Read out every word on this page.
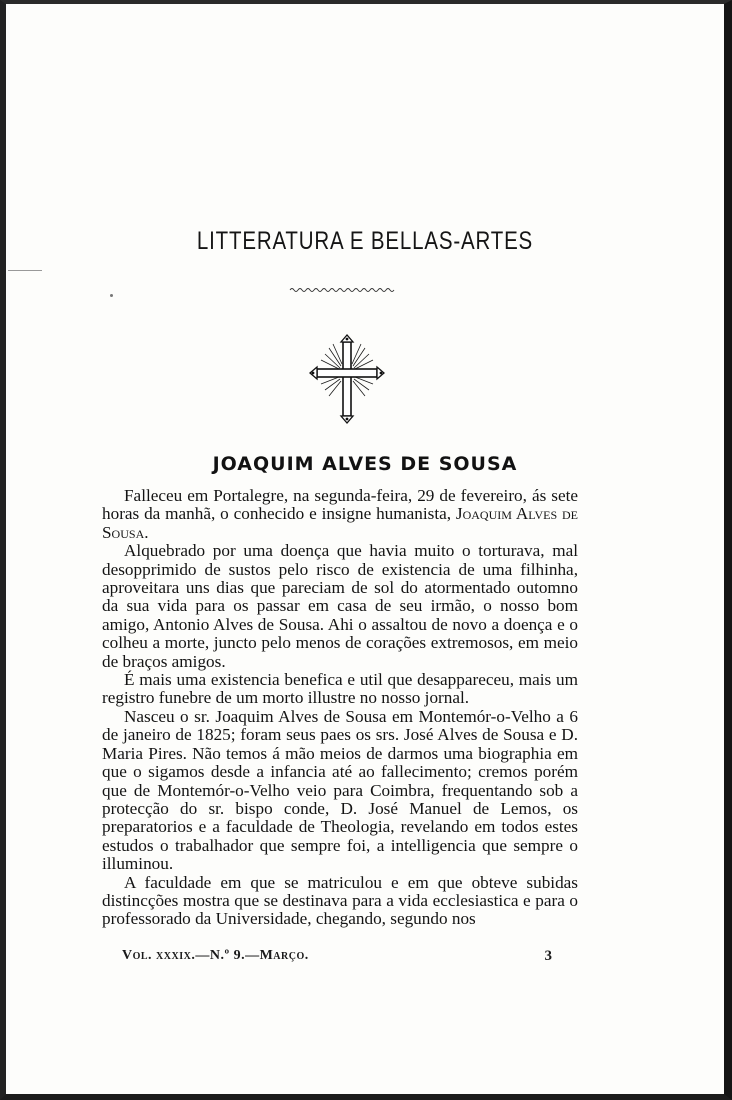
LITTERATURA E BELLAS-ARTES
JOAQUIM ALVES DE SOUSA

Falleceu em Portalegre, na segunda-feira, 29 de fevereiro, ás sete horas da manhã, o conhecido e insigne humanista, Joaquim Alves de Sousa.

Alquebrado por uma doença que havia muito o torturava, mal desopprimido de sustos pelo risco de existencia de uma filhinha, aproveitara uns dias que pareciam de sol do atormentado outomno da sua vida para os passar em casa de seu irmão, o nosso bom amigo, Antonio Alves de Sousa. Ahi o assaltou de novo a doença e o colheu a morte, juncto pelo menos de corações extremosos, em meio de braços amigos.

É mais uma existencia benefica e util que desappareceu, mais um registro funebre de um morto illustre no nosso jornal.

Nasceu o sr. Joaquim Alves de Sousa em Montemór-o-Velho a 6 de janeiro de 1825; foram seus paes os srs. José Alves de Sousa e D. Maria Pires. Não temos á mão meios de darmos uma biographia em que o sigamos desde a infancia até ao fallecimento; cremos porém que de Montemór-o-Velho veio para Coimbra, frequentando sob a protecção do sr. bispo conde, D. José Manuel de Lemos, os preparatorios e a faculdade de Theologia, revelando em todos estes estudos o trabalhador que sempre foi, a intelligencia que sempre o illuminou.

A faculdade em que se matriculou e em que obteve subidas distincções mostra que se destinava para a vida ecclesiastica e para o professorado da Universidade, chegando, segundo nos

Vol. xxxix.—N.º 9.—Março.	3
